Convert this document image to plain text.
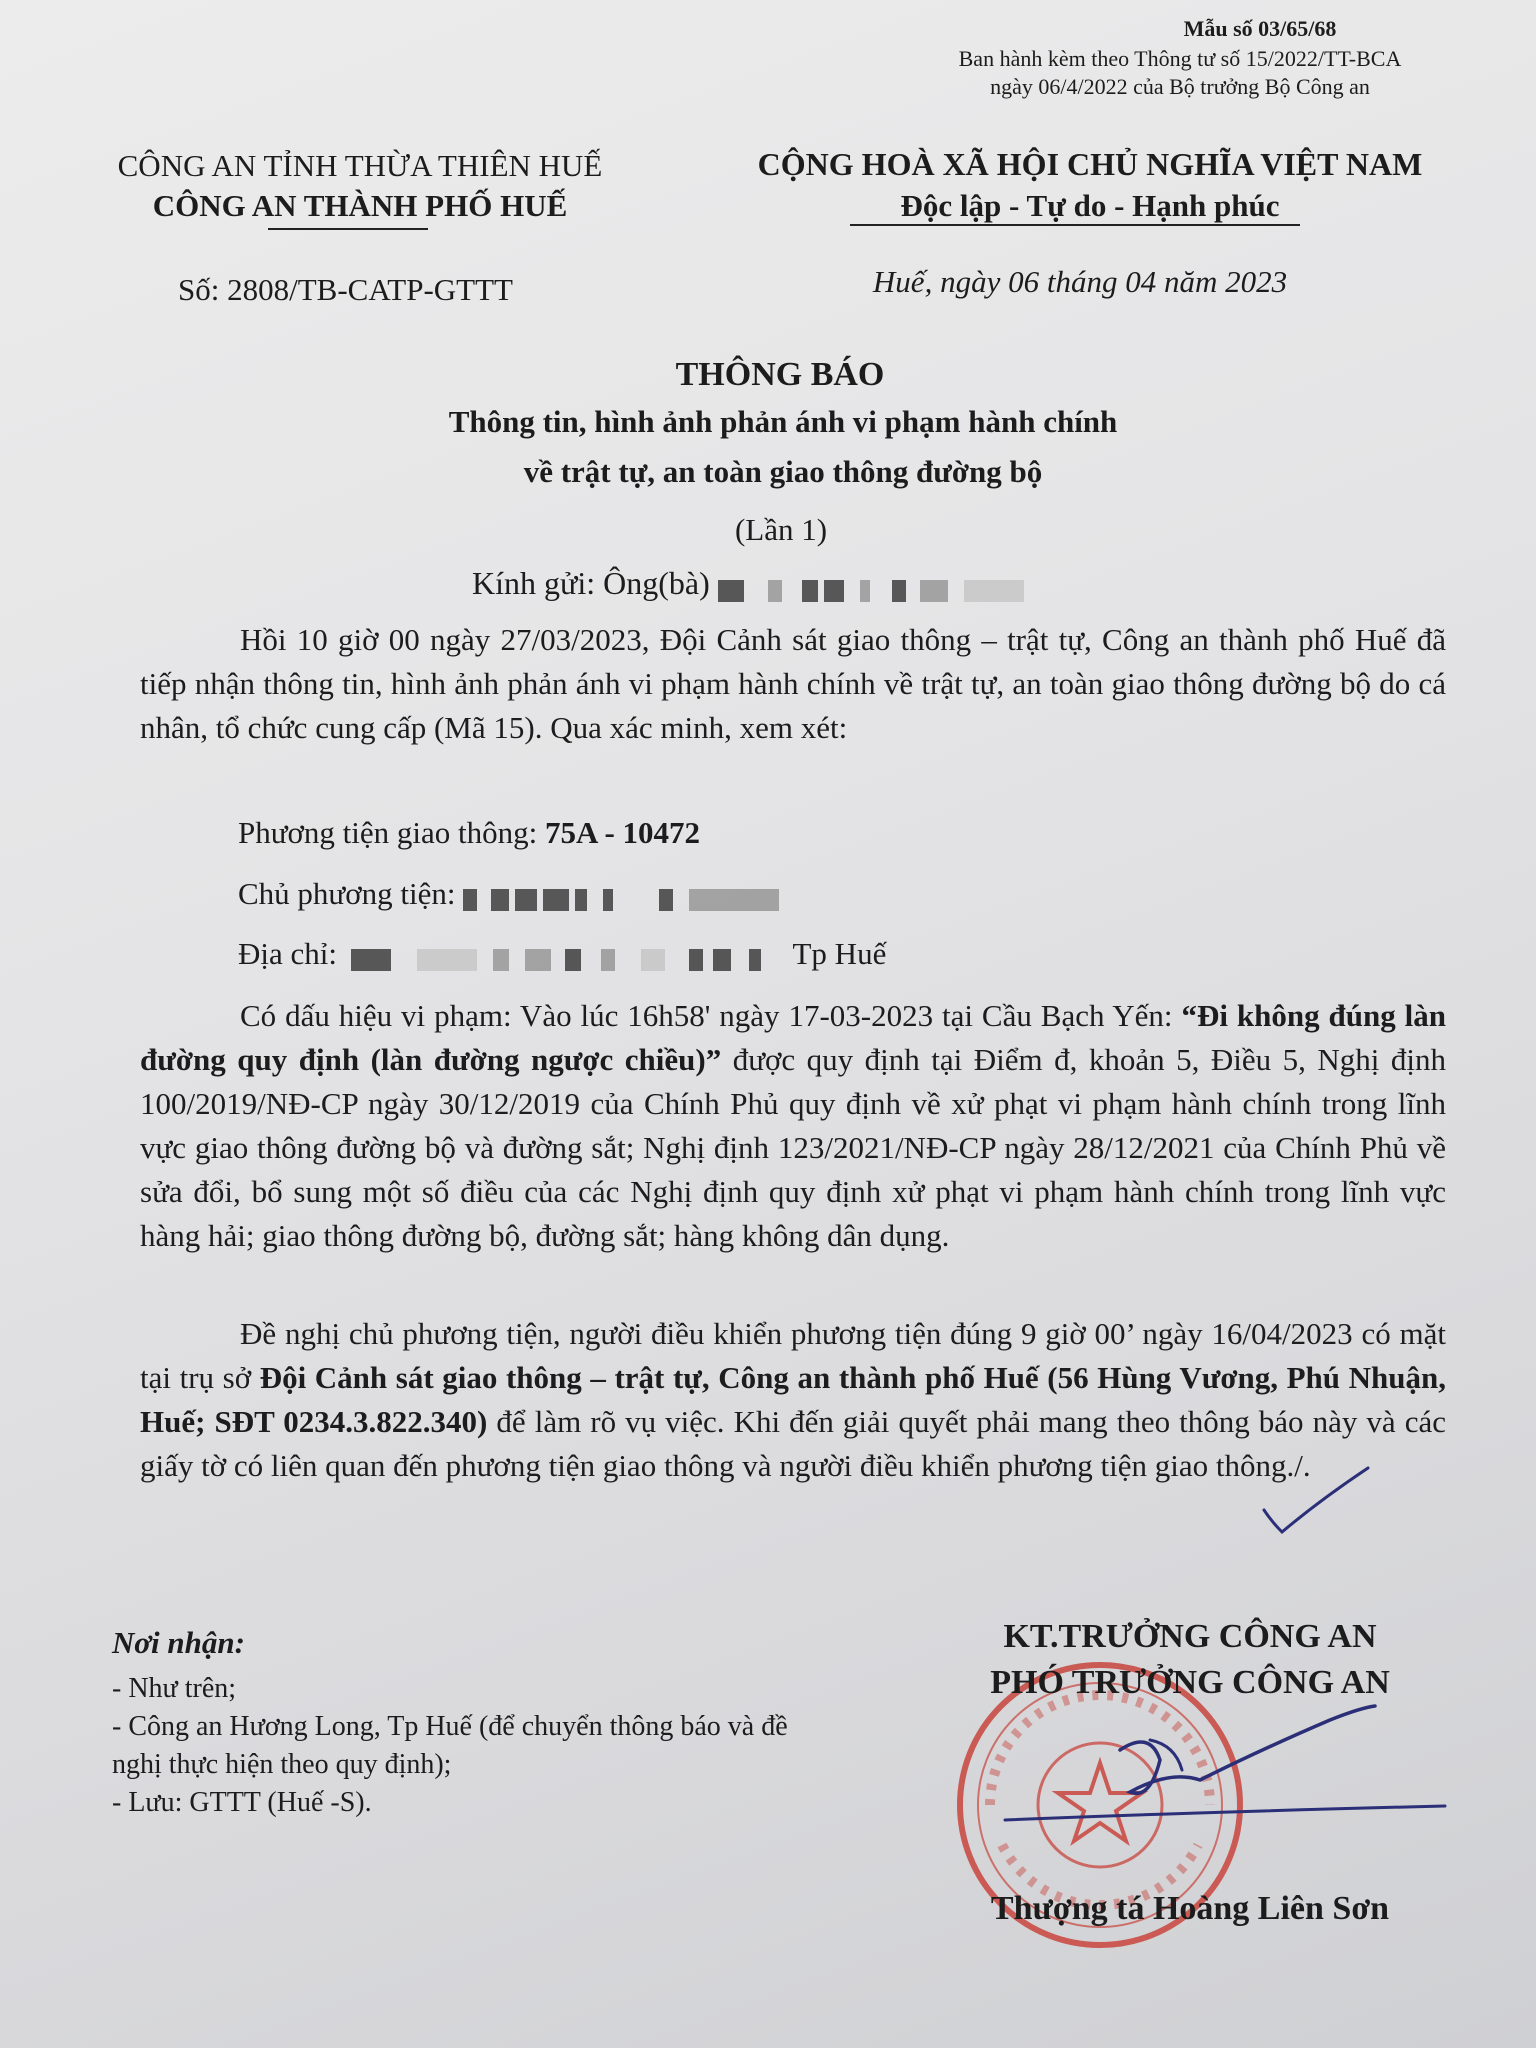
Mẫu số 03/65/68
Ban hành kèm theo Thông tư số 15/2022/TT-BCA
ngày 06/4/2022 của Bộ trưởng Bộ Công an
CÔNG AN TỈNH THỪA THIÊN HUẾ
CÔNG AN THÀNH PHỐ HUẾ
Số: 2808/TB-CATP-GTTT
CỘNG HOÀ XÃ HỘI CHỦ NGHĨA VIỆT NAM
Độc lập - Tự do - Hạnh phúc
Huế, ngày 06 tháng 04 năm 2023
THÔNG BÁO
Thông tin, hình ảnh phản ánh vi phạm hành chính
về trật tự, an toàn giao thông đường bộ
(Lần 1)
Kính gửi: Ông(bà)

Hồi 10 giờ 00 ngày 27/03/2023, Đội Cảnh sát giao thông – trật tự, Công an thành phố Huế đã tiếp nhận thông tin, hình ảnh phản ánh vi phạm hành chính về trật tự, an toàn giao thông đường bộ do cá nhân, tổ chức cung cấp (Mã 15). Qua xác minh, xem xét:

Phương tiện giao thông: 75A - 10472
Chủ phương tiện:
Địa chỉ:	Tp Huế

Có dấu hiệu vi phạm: Vào lúc 16h58' ngày 17-03-2023 tại Cầu Bạch Yến: “Đi không đúng làn đường quy định (làn đường ngược chiều)” được quy định tại Điểm đ, khoản 5, Điều 5, Nghị định 100/2019/NĐ-CP ngày 30/12/2019 của Chính Phủ quy định về xử phạt vi phạm hành chính trong lĩnh vực giao thông đường bộ và đường sắt; Nghị định 123/2021/NĐ-CP ngày 28/12/2021 của Chính Phủ về sửa đổi, bổ sung một số điều của các Nghị định quy định xử phạt vi phạm hành chính trong lĩnh vực hàng hải; giao thông đường bộ, đường sắt; hàng không dân dụng.

Đề nghị chủ phương tiện, người điều khiển phương tiện đúng 9 giờ 00’ ngày 16/04/2023 có mặt tại trụ sở Đội Cảnh sát giao thông – trật tự, Công an thành phố Huế (56 Hùng Vương, Phú Nhuận, Huế; SĐT 0234.3.822.340) để làm rõ vụ việc. Khi đến giải quyết phải mang theo thông báo này và các giấy tờ có liên quan đến phương tiện giao thông và người điều khiển phương tiện giao thông./.

Nơi nhận:
- Như trên;
- Công an Hương Long, Tp Huế (để chuyển thông báo và đề nghị thực hiện theo quy định);
- Lưu: GTTT (Huế -S).
KT.TRƯỞNG CÔNG AN
PHÓ TRƯỞNG CÔNG AN
Thượng tá Hoàng Liên Sơn
